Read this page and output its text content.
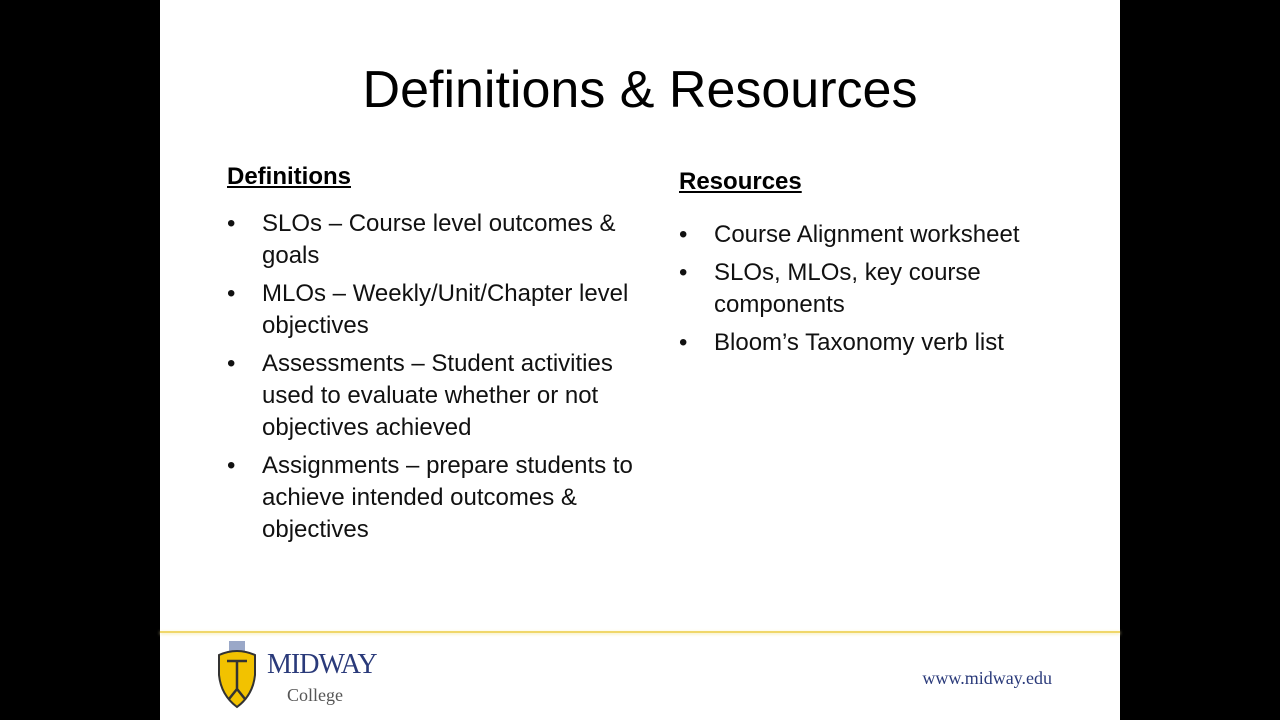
Definitions & Resources
Definitions
• SLOs – Course level outcomes & goals
• MLOs – Weekly/Unit/Chapter level objectives
• Assessments – Student activities used to evaluate whether or not objectives achieved
• Assignments – prepare students to achieve intended outcomes & objectives
Resources
• Course Alignment worksheet
• SLOs, MLOs, key course components
• Bloom’s Taxonomy verb list
MIDWAY
College
www.midway.edu
